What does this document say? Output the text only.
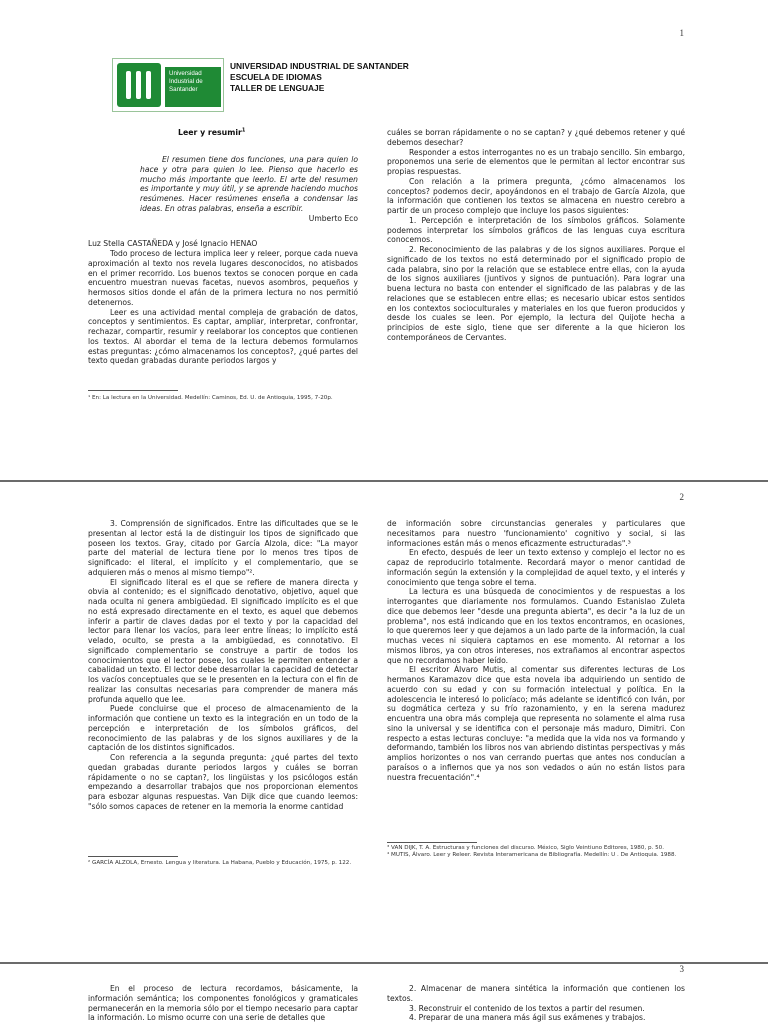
1
Universidad
Industrial de
Santander
UNIVERSIDAD INDUSTRIAL DE SANTANDER
ESCUELA DE IDIOMAS
TALLER DE LENGUAJE
Leer y resumir$^1$
El resumen tiene dos funciones, una para quien lo hace y otra para quien lo lee. Pienso que hacerlo es mucho más importante que leerlo. El arte del resumen es importante y muy útil, y se aprende haciendo muchos resúmenes. Hacer resúmenes enseña a condensar las ideas. En otras palabras, enseña a escribir.
Umberto Eco
Luz Stella CASTAÑEDA y José Ignacio HENAO

Todo proceso de lectura implica leer y releer, porque cada nueva aproximación al texto nos revela lugares desconocidos, no atisbados en el primer recorrido. Los buenos textos se conocen porque en cada encuentro muestran nuevas facetas, nuevos asombros, pequeños y hermosos sitios donde el afán de la primera lectura no nos permitió detenernos.

Leer es una actividad mental compleja de grabación de datos, conceptos y sentimientos. Es captar, ampliar, interpretar, confrontar, rechazar, compartir, resumir y reelaborar los conceptos que contienen los textos. Al abordar el tema de la lectura debemos formularnos estas preguntas: ¿cómo almacenamos los conceptos?, ¿qué partes del texto quedan grabadas durante periodos largos y

cuáles se borran rápidamente o no se captan? y ¿qué debemos retener y qué debemos desechar?

Responder a estos interrogantes no es un trabajo sencillo. Sin embargo, proponemos una serie de elementos que le permitan al lector encontrar sus propias respuestas.

Con relación a la primera pregunta, ¿cómo almacenamos los conceptos? podemos decir, apoyándonos en el trabajo de García Alzola, que la información que contienen los textos se almacena en nuestro cerebro a partir de un proceso complejo que incluye los pasos siguientes:

1. Percepción e interpretación de los símbolos gráficos. Solamente podemos interpretar los símbolos gráficos de las lenguas cuya escritura conocemos.

2. Reconocimiento de las palabras y de los signos auxiliares. Porque el significado de los textos no está determinado por el significado propio de cada palabra, sino por la relación que se establece entre ellas, con la ayuda de los signos auxiliares (juntivos y signos de puntuación). Para lograr una buena lectura no basta con entender el significado de las palabras y de las relaciones que se establecen entre ellas; es necesario ubicar estos sentidos en los contextos socioculturales y materiales en los que fueron producidos y desde los cuales se leen. Por ejemplo, la lectura del Quijote hecha a principios de este siglo, tiene que ser diferente a la que hicieron los contemporáneos de Cervantes.

¹ En: La lectura en la Universidad. Medellín: Caminos, Ed. U. de Antioquia, 1995, 7-20p.
2

3. Comprensión de significados. Entre las dificultades que se le presentan al lector está la de distinguir los tipos de significado que poseen los textos. Gray, citado por García Alzola, dice: "La mayor parte del material de lectura tiene por lo menos tres tipos de significado: el literal, el implícito y el complementario, que se adquieren más o menos al mismo tiempo"².

El significado literal es el que se refiere de manera directa y obvia al contenido; es el significado denotativo, objetivo, aquel que nada oculta ni genera ambigüedad. El significado implícito es el que no está expresado directamente en el texto, es aquel que debemos inferir a partir de claves dadas por el texto y por la capacidad del lector para llenar los vacíos, para leer entre líneas; lo implícito está velado, oculto, se presta a la ambigüedad, es connotativo. El significado complementario se construye a partir de todos los conocimientos que el lector posee, los cuales le permiten entender a cabalidad un texto. El lector debe desarrollar la capacidad de detectar los vacíos conceptuales que se le presenten en la lectura con el fin de realizar las consultas necesarias para comprender de manera más profunda aquello que lee.

Puede concluirse que el proceso de almacenamiento de la información que contiene un texto es la integración en un todo de la percepción e interpretación de los símbolos gráficos, del reconocimiento de las palabras y de los signos auxiliares y de la captación de los distintos significados.

Con referencia a la segunda pregunta: ¿qué partes del texto quedan grabadas durante periodos largos y cuáles se borran rápidamente o no se captan?, los lingüistas y los psicólogos están empezando a desarrollar trabajos que nos proporcionan elementos para esbozar algunas respuestas. Van Dijk dice que cuando leemos: "sólo somos capaces de retener en la memoria la enorme cantidad

de información sobre circunstancias generales y particulares que necesitamos para nuestro 'funcionamiento' cognitivo y social, si las informaciones están más o menos eficazmente estructuradas".³

En efecto, después de leer un texto extenso y complejo el lector no es capaz de reproducirlo totalmente. Recordará mayor o menor cantidad de información según la extensión y la complejidad de aquel texto, y el interés y conocimiento que tenga sobre el tema.

La lectura es una búsqueda de conocimientos y de respuestas a los interrogantes que diariamente nos formulamos. Cuando Estanislao Zuleta dice que debemos leer "desde una pregunta abierta", es decir "a la luz de un problema", nos está indicando que en los textos encontramos, en ocasiones, lo que queremos leer y que dejamos a un lado parte de la información, la cual muchas veces ni siquiera captamos en ese momento. Al retornar a los mismos libros, ya con otros intereses, nos extrañamos al encontrar aspectos que no recordamos haber leído.

El escritor Álvaro Mutis, al comentar sus diferentes lecturas de Los hermanos Karamazov dice que esta novela iba adquiriendo un sentido de acuerdo con su edad y con su formación intelectual y política. En la adolescencia le interesó lo policíaco; más adelante se identificó con Iván, por su dogmática certeza y su frío razonamiento, y en la serena madurez encuentra una obra más compleja que representa no solamente el alma rusa sino la universal y se identifica con el personaje más maduro, Dimitri. Con respecto a estas lecturas concluye: "a medida que la vida nos va formando y deformando, también los libros nos van abriendo distintas perspectivas y más amplios horizontes o nos van cerrando puertas que antes nos conducían a paraísos o a infiernos que ya nos son vedados o aún no están listos para nuestra frecuentación".⁴

² GARCÍA ALZOLA, Ernesto. Lengua y literatura. La Habana, Pueblo y Educación, 1975, p. 122.
³ VAN DIJK, T. A. Estructuras y funciones del discurso. México, Siglo Veintiuno Editores, 1980, p. 50.
⁴ MUTIS, Álvaro. Leer y Releer. Revista Interamericana de Bibliografía. Medellín: U . De Antioquia. 1988.
3

En el proceso de lectura recordamos, básicamente, la información semántica; los componentes fonológicos y gramaticales permanecerán en la memoria sólo por el tiempo necesario para captar la información. Lo mismo ocurre con una serie de detalles que

2. Almacenar de manera sintética la información que contienen los textos.

3. Reconstruir el contenido de los textos a partir del resumen.

4. Preparar de una manera más ágil sus exámenes y trabajos.
